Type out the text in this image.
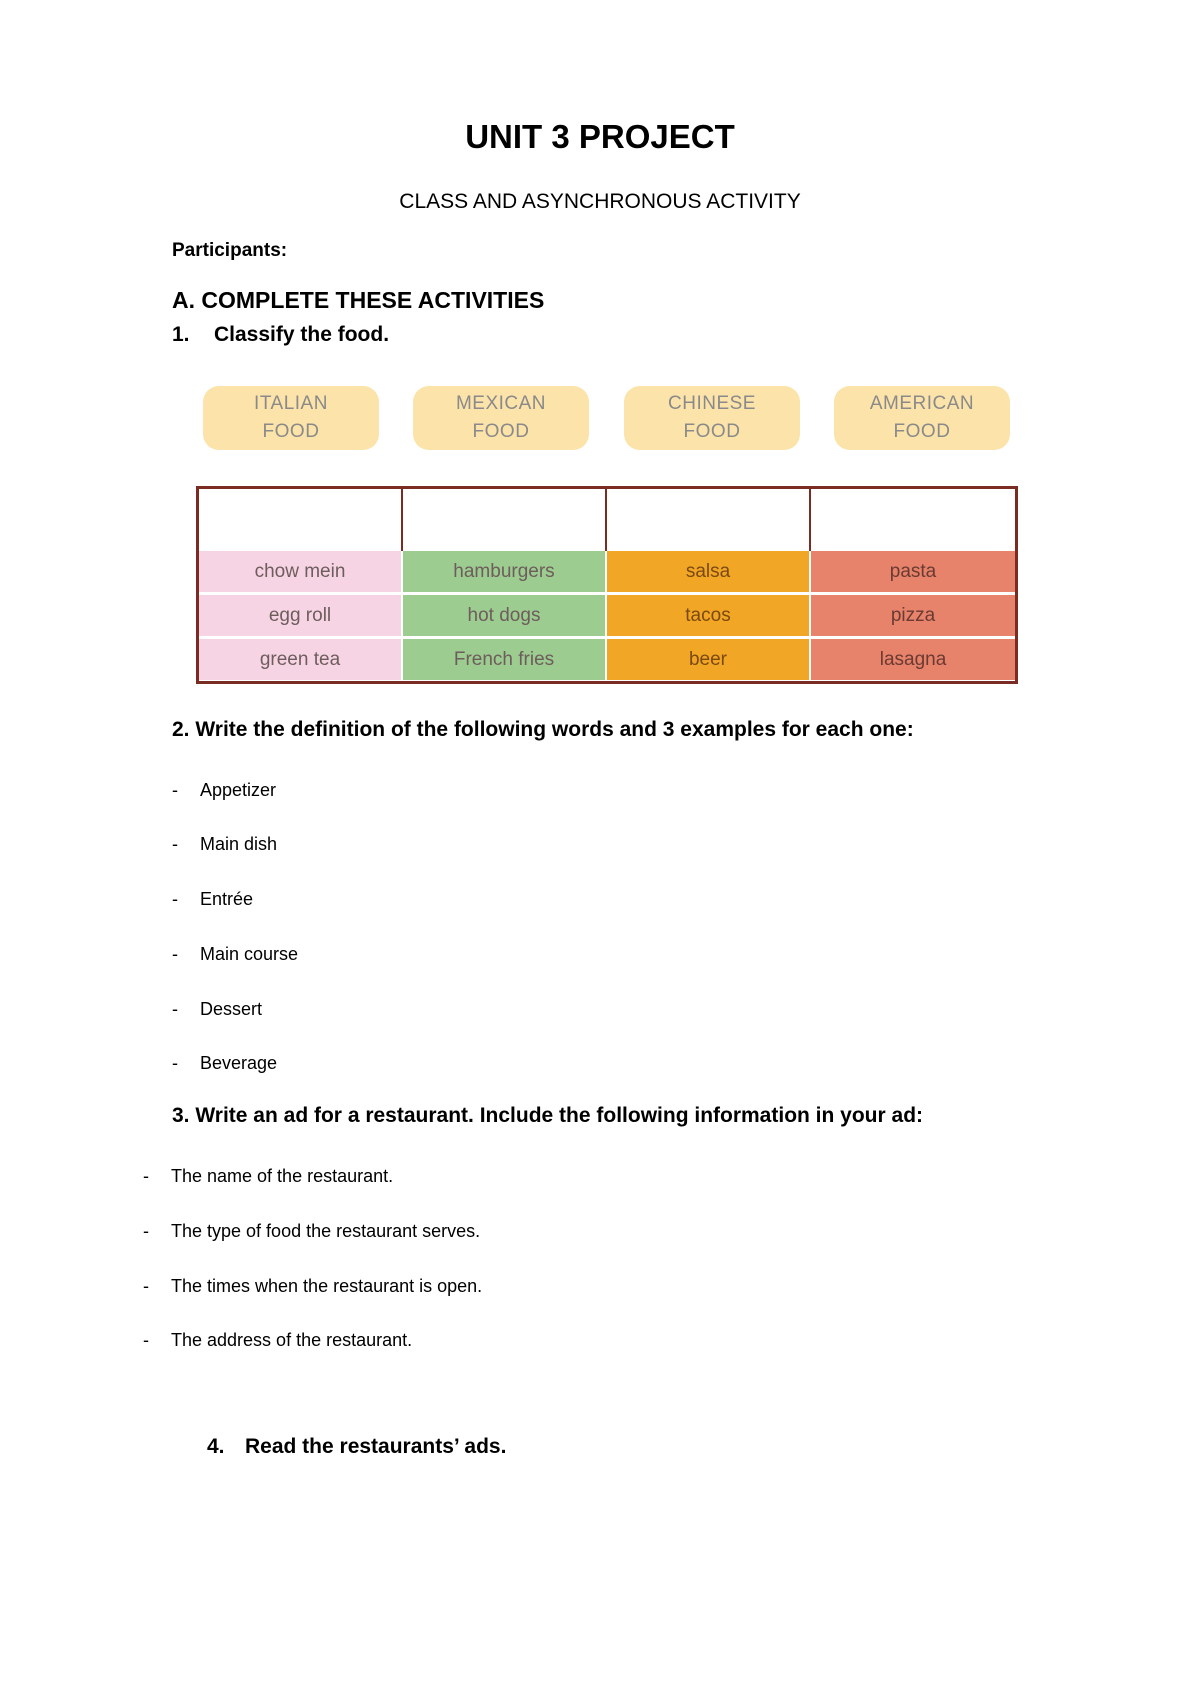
UNIT 3 PROJECT
CLASS AND ASYNCHRONOUS ACTIVITY
Participants:
A. COMPLETE THESE ACTIVITIES
1. Classify the food.
ITALIAN
FOOD
MEXICAN
FOOD
CHINESE
FOOD
AMERICAN
FOOD
chow mein	hamburgers	salsa	pasta
egg roll	hot dogs	tacos	pizza
green tea	French fries	beer	lasagna
2. Write the definition of the following words and 3 examples for each one:
- Appetizer
- Main dish
- Entrée
- Main course
- Dessert
- Beverage
3. Write an ad for a restaurant. Include the following information in your ad:
- The name of the restaurant.
- The type of food the restaurant serves.
- The times when the restaurant is open.
- The address of the restaurant.
4. Read the restaurants’ ads.
